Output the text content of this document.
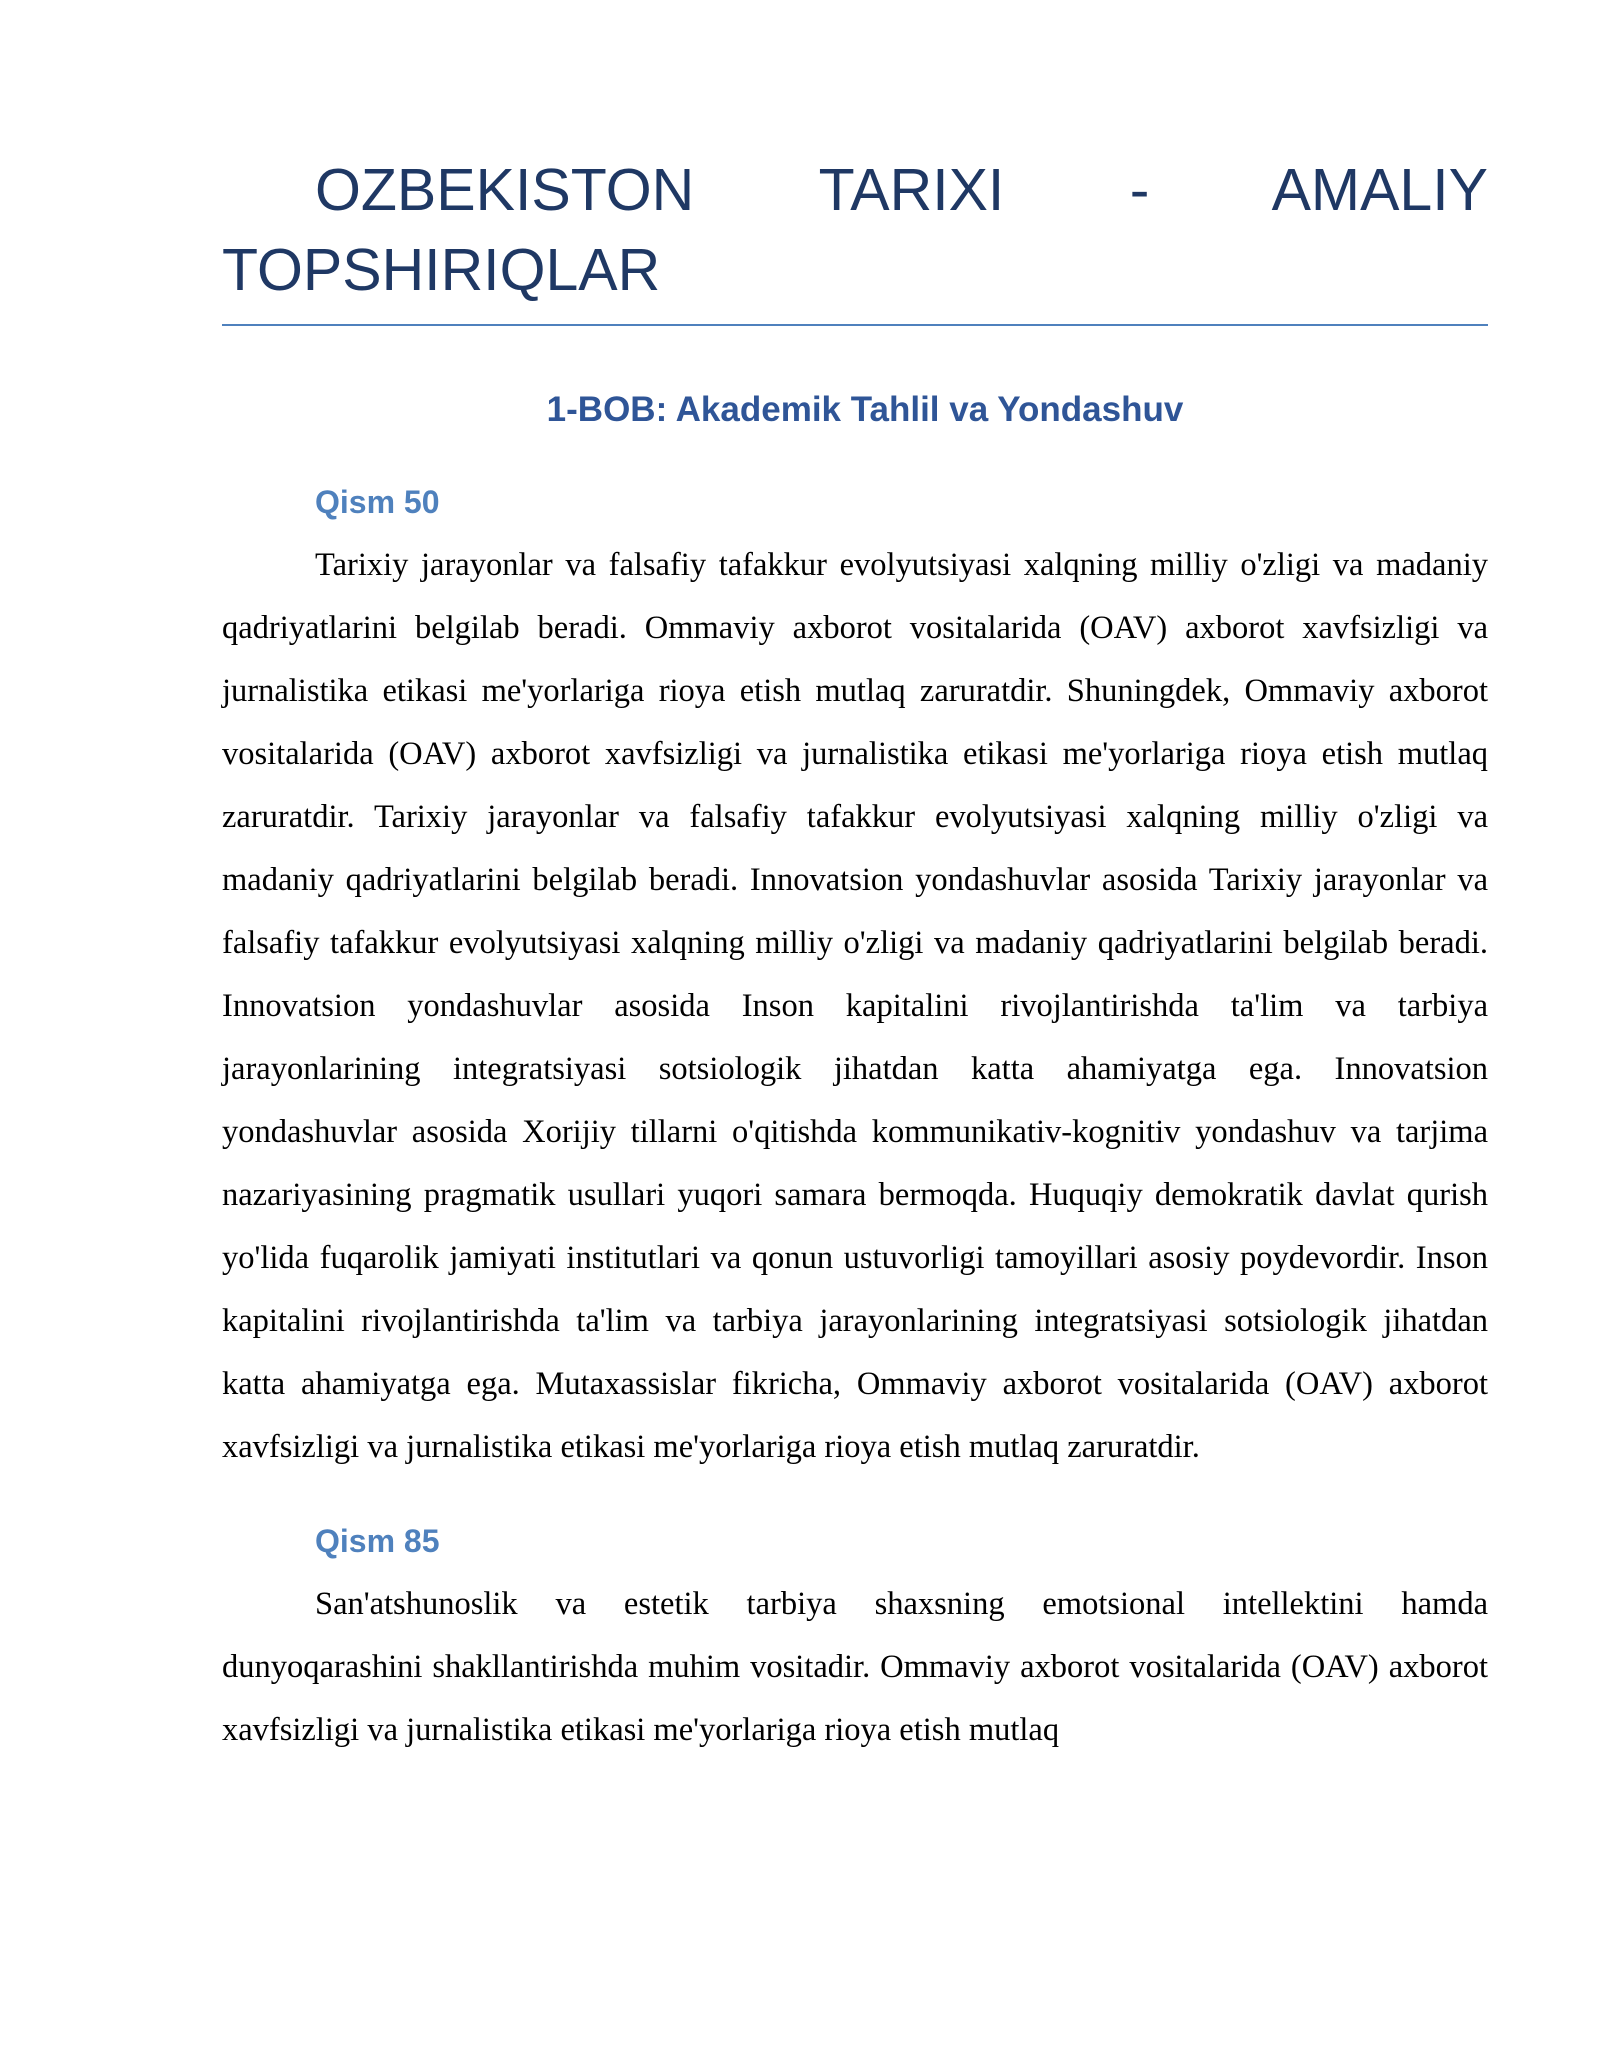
OZBEKISTON TARIXI - AMALIY TOPSHIRIQLAR
1-BOB: Akademik Tahlil va Yondashuv
Qism 50

Tarixiy jarayonlar va falsafiy tafakkur evolyutsiyasi xalqning milliy o'zligi va madaniy qadriyatlarini belgilab beradi. Ommaviy axborot vositalarida (OAV) axborot xavfsizligi va jurnalistika etikasi me'yorlariga rioya etish mutlaq zaruratdir. Shuningdek, Ommaviy axborot vositalarida (OAV) axborot xavfsizligi va jurnalistika etikasi me'yorlariga rioya etish mutlaq zaruratdir. Tarixiy jarayonlar va falsafiy tafakkur evolyutsiyasi xalqning milliy o'zligi va madaniy qadriyatlarini belgilab beradi. Innovatsion yondashuvlar asosida Tarixiy jarayonlar va falsafiy tafakkur evolyutsiyasi xalqning milliy o'zligi va madaniy qadriyatlarini belgilab beradi. Innovatsion yondashuvlar asosida Inson kapitalini rivojlantirishda ta'lim va tarbiya jarayonlarining integratsiyasi sotsiologik jihatdan katta ahamiyatga ega. Innovatsion yondashuvlar asosida Xorijiy tillarni o'qitishda kommunikativ-kognitiv yondashuv va tarjima nazariyasining pragmatik usullari yuqori samara bermoqda. Huquqiy demokratik davlat qurish yo'lida fuqarolik jamiyati institutlari va qonun ustuvorligi tamoyillari asosiy poydevordir. Inson kapitalini rivojlantirishda ta'lim va tarbiya jarayonlarining integratsiyasi sotsiologik jihatdan katta ahamiyatga ega. Mutaxassislar fikricha, Ommaviy axborot vositalarida (OAV) axborot xavfsizligi va jurnalistika etikasi me'yorlariga rioya etish mutlaq zaruratdir.

Qism 85

San'atshunoslik va estetik tarbiya shaxsning emotsional intellektini hamda dunyoqarashini shakllantirishda muhim vositadir. Ommaviy axborot vositalarida (OAV) axborot xavfsizligi va jurnalistika etikasi me'yorlariga rioya etish mutlaq
